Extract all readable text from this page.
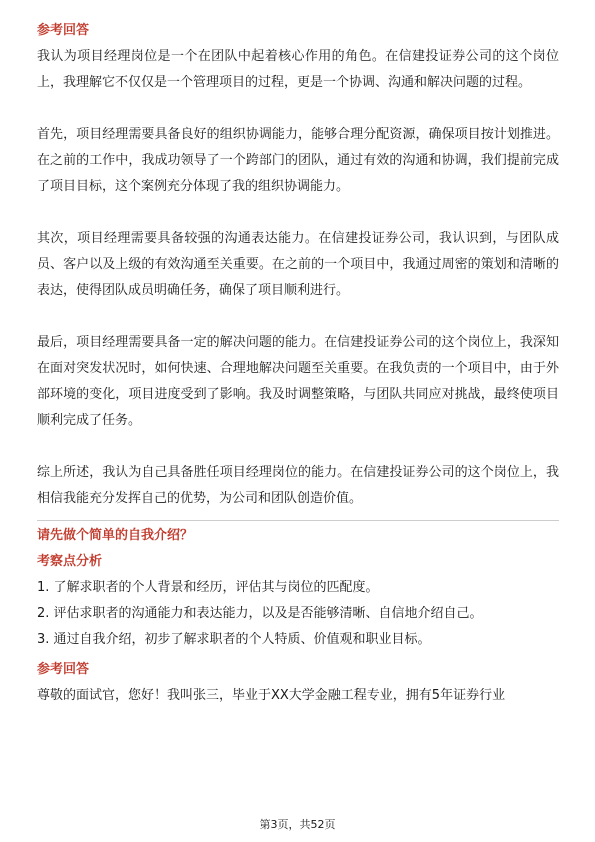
参考回答

我认为项目经理岗位是一个在团队中起着核心作用的角色。在信建投证券公司的这个岗位上，我理解它不仅仅是一个管理项目的过程，更是一个协调、沟通和解决问题的过程。

首先，项目经理需要具备良好的组织协调能力，能够合理分配资源，确保项目按计划推进。在之前的工作中，我成功领导了一个跨部门的团队，通过有效的沟通和协调，我们提前完成了项目目标，这个案例充分体现了我的组织协调能力。

其次，项目经理需要具备较强的沟通表达能力。在信建投证券公司，我认识到，与团队成员、客户以及上级的有效沟通至关重要。在之前的一个项目中，我通过周密的策划和清晰的表达，使得团队成员明确任务，确保了项目顺利进行。

最后，项目经理需要具备一定的解决问题的能力。在信建投证券公司的这个岗位上，我深知在面对突发状况时，如何快速、合理地解决问题至关重要。在我负责的一个项目中，由于外部环境的变化，项目进度受到了影响。我及时调整策略，与团队共同应对挑战，最终使项目顺利完成了任务。

综上所述，我认为自己具备胜任项目经理岗位的能力。在信建投证券公司的这个岗位上，我相信我能充分发挥自己的优势，为公司和团队创造价值。

请先做个简单的自我介绍？

考察点分析

1. 了解求职者的个人背景和经历，评估其与岗位的匹配度。

2. 评估求职者的沟通能力和表达能力，以及是否能够清晰、自信地介绍自己。

3. 通过自我介绍，初步了解求职者的个人特质、价值观和职业目标。

参考回答

尊敬的面试官，您好！我叫张三，毕业于XX大学金融工程专业，拥有5年证券行业

第3页，共52页
